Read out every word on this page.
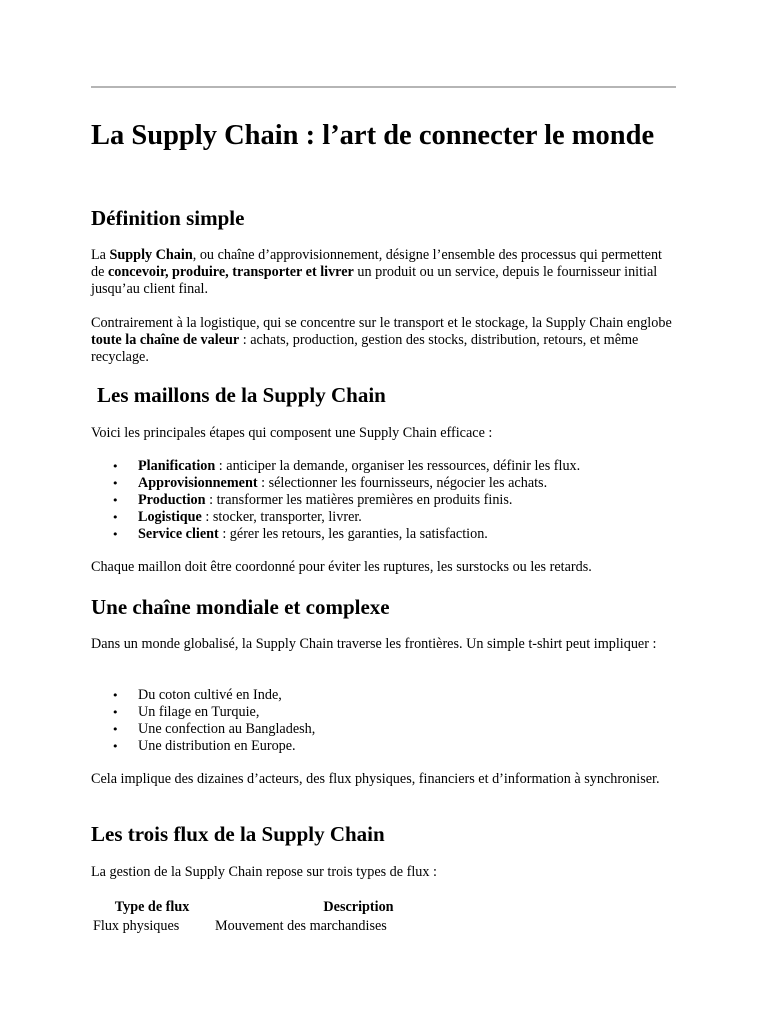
La Supply Chain : l’art de connecter le monde
Définition simple

La Supply Chain, ou chaîne d’approvisionnement, désigne l’ensemble des processus qui permettent de concevoir, produire, transporter et livrer un produit ou un service, depuis le fournisseur initial jusqu’au client final.

Contrairement à la logistique, qui se concentre sur le transport et le stockage, la Supply Chain englobe toute la chaîne de valeur : achats, production, gestion des stocks, distribution, retours, et même recyclage.

Les maillons de la Supply Chain

Voici les principales étapes qui composent une Supply Chain efficace :

• Planification : anticiper la demande, organiser les ressources, définir les flux.
• Approvisionnement : sélectionner les fournisseurs, négocier les achats.
• Production : transformer les matières premières en produits finis.
• Logistique : stocker, transporter, livrer.
• Service client : gérer les retours, les garanties, la satisfaction.

Chaque maillon doit être coordonné pour éviter les ruptures, les surstocks ou les retards.

Une chaîne mondiale et complexe

Dans un monde globalisé, la Supply Chain traverse les frontières. Un simple t-shirt peut impliquer :

• Du coton cultivé en Inde,
• Un filage en Turquie,
• Une confection au Bangladesh,
• Une distribution en Europe.

Cela implique des dizaines d’acteurs, des flux physiques, financiers et d’information à synchroniser.

Les trois flux de la Supply Chain

La gestion de la Supply Chain repose sur trois types de flux :

Type de flux	Description
Flux physiques	Mouvement des marchandises
